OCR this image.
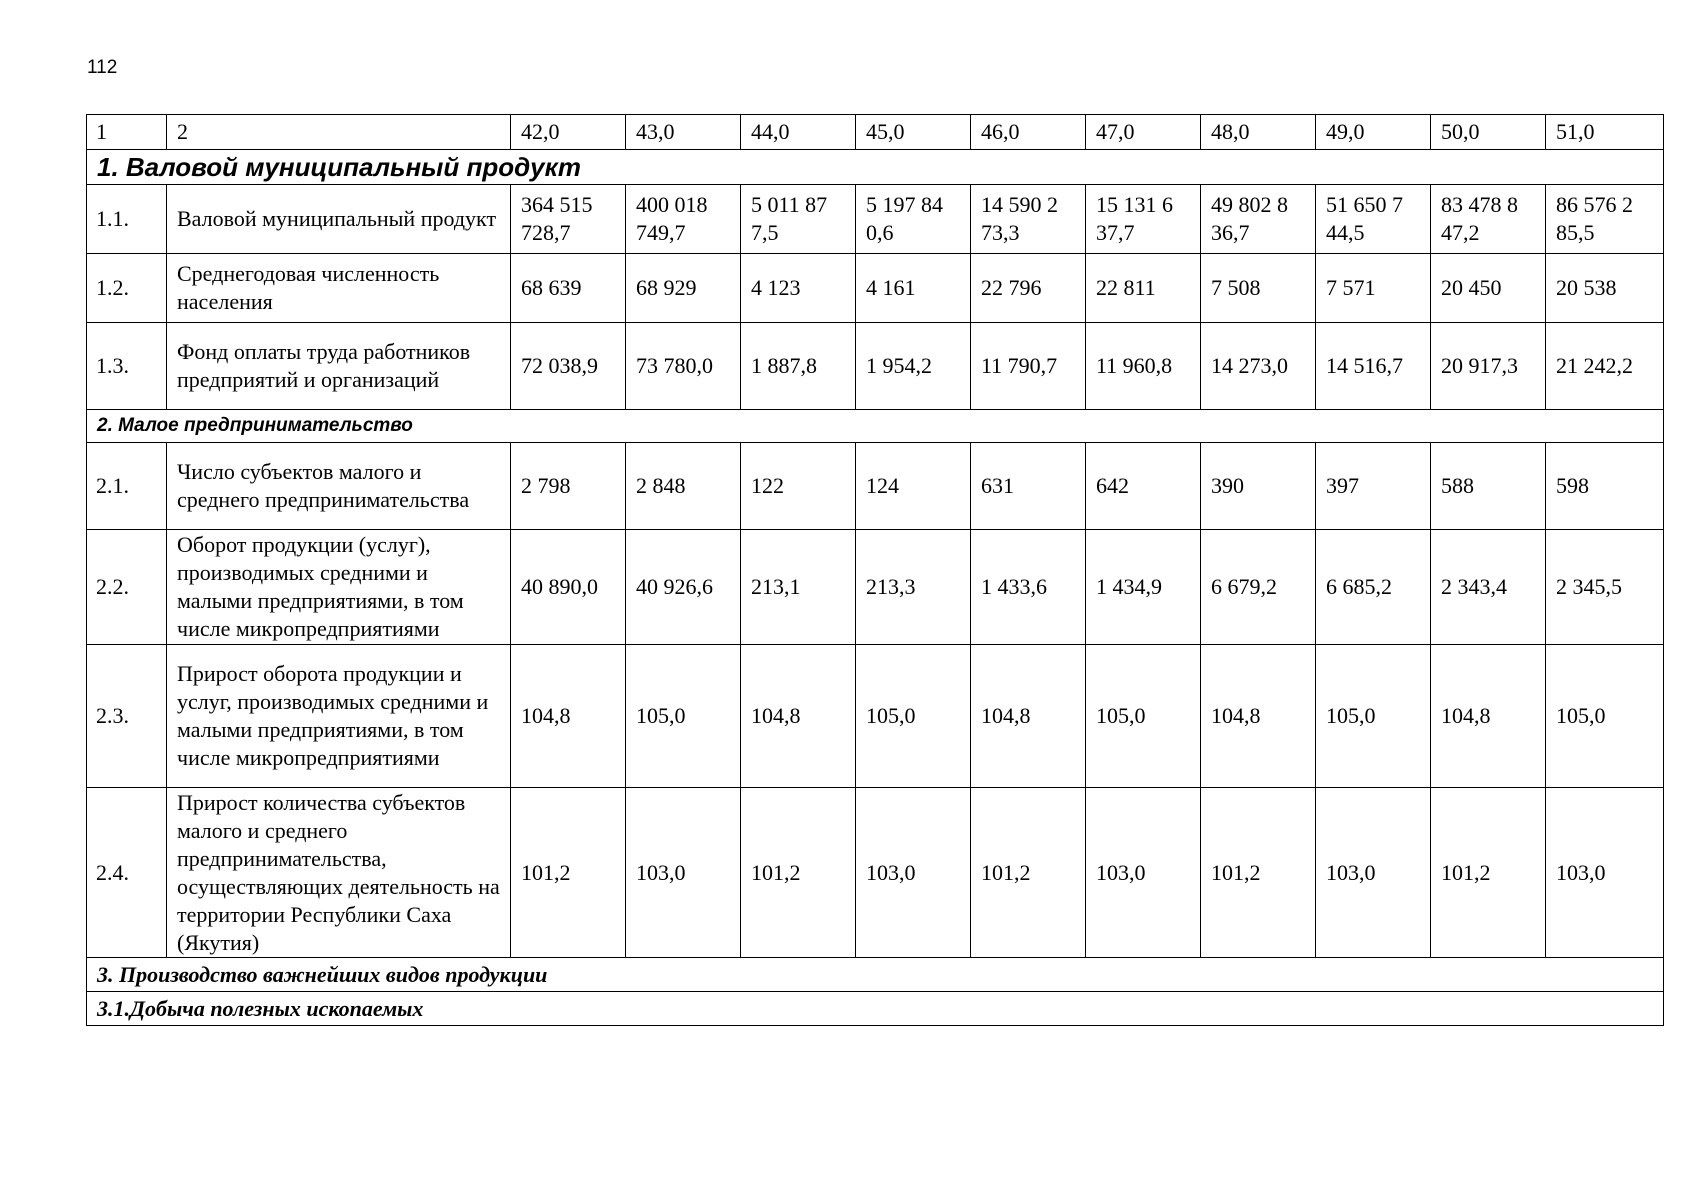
112
1	2	42,0	43,0	44,0	45,0	46,0	47,0	48,0	49,0	50,0	51,0
1. Валовой муниципальный продукт											
1.1.	Валовой муниципальный продукт	364 515 728,7	400 018 749,7	5 011 87 7,5	5 197 84 0,6	14 590 2 73,3	15 131 6 37,7	49 802 8 36,7	51 650 7 44,5	83 478 8 47,2	86 576 2 85,5
1.2.	Среднегодовая численность населения	68 639	68 929	4 123	4 161	22 796	22 811	7 508	7 571	20 450	20 538
1.3.	Фонд оплаты труда работников предприятий и организаций	72 038,9	73 780,0	1 887,8	1 954,2	11 790,7	11 960,8	14 273,0	14 516,7	20 917,3	21 242,2
2. Малое предпринимательство											
2.1.	Число субъектов малого и среднего предпринимательства	2 798	2 848	122	124	631	642	390	397	588	598
2.2.	Оборот продукции (услуг), производимых средними и малыми предприятиями, в том числе микропредприятиями	40 890,0	40 926,6	213,1	213,3	1 433,6	1 434,9	6 679,2	6 685,2	2 343,4	2 345,5
2.3.	Прирост оборота продукции и услуг, производимых средними и малыми предприятиями, в том числе микропредприятиями	104,8	105,0	104,8	105,0	104,8	105,0	104,8	105,0	104,8	105,0
2.4.	Прирост количества субъектов малого и среднего предпринимательства, осуществляющих деятельность на территории Республики Саха (Якутия)	101,2	103,0	101,2	103,0	101,2	103,0	101,2	103,0	101,2	103,0
3. Производство важнейших видов продукции											
3.1.Добыча полезных ископаемых											
